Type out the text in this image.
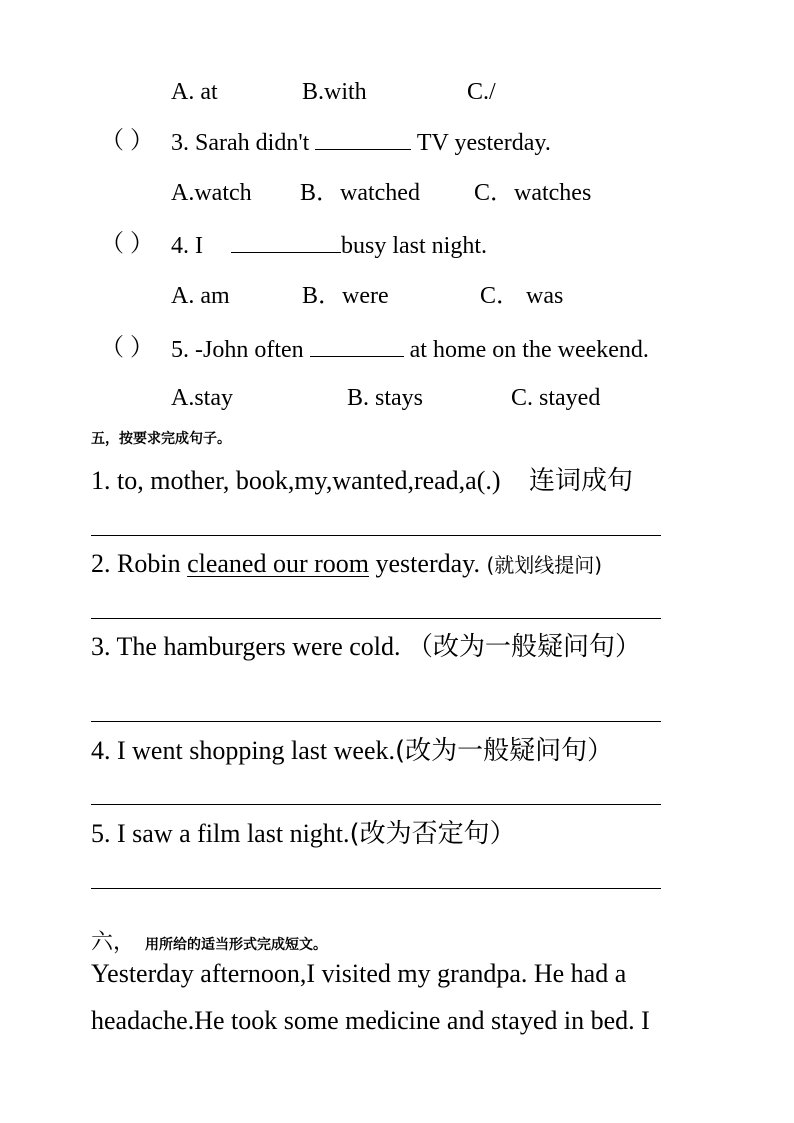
A. at	B.with	C./
（ ） 3. Sarah didn't	TV yesterday.
A.watch B．watched C．watches
（ ） 4. I	busy last night.
A. am	B．were	C． was
（ ） 5. -John often	at home on the weekend.
A.stay	B. stays	C. stayed
五，按要求完成句子。
1. to, mother, book,my,wanted,read,a(.) 连词成句
2. Robin cleaned our room yesterday. (就划线提问)
3. The hamburgers were cold. （改为一般疑问句）
4. I went shopping last week.(改为一般疑问句）
5. I saw a film last night.(改为否定句）
六， 用所给的适当形式完成短文。
Yesterday afternoon,I visited my grandpa. He had a
headache.He took some medicine and stayed in bed. I
